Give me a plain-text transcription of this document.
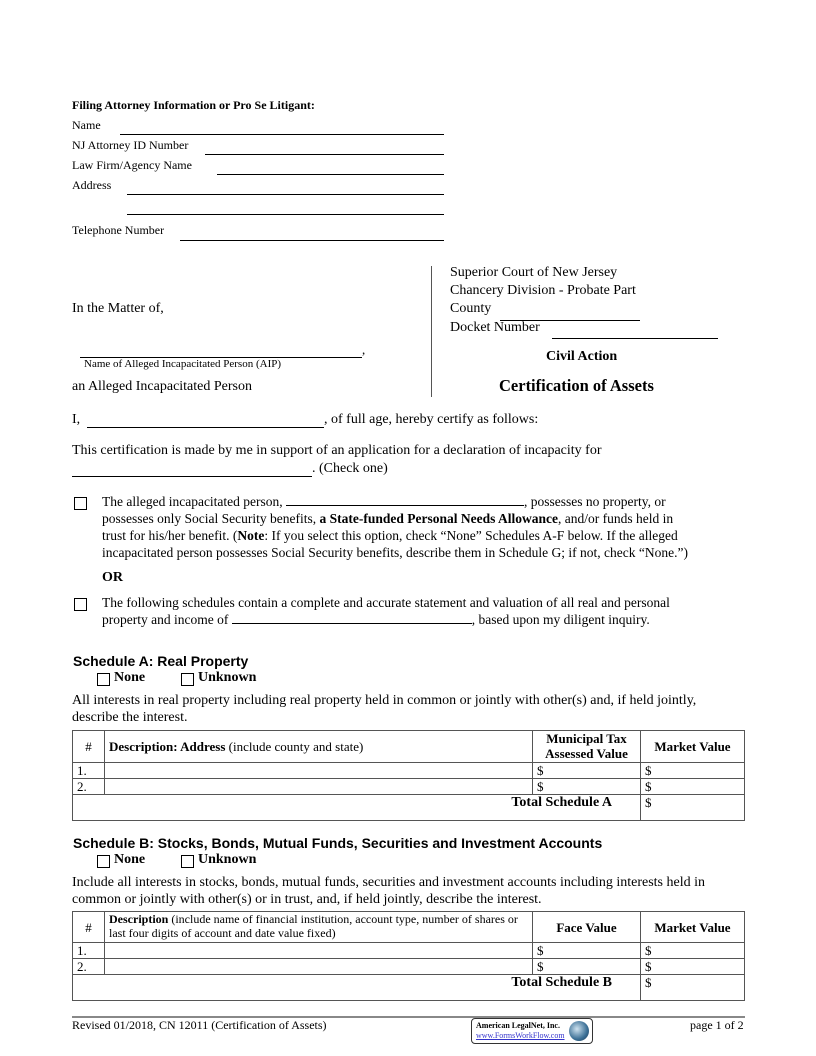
Filing Attorney Information or Pro Se Litigant:
Name
NJ Attorney ID Number
Law Firm/Agency Name
Address
Telephone Number
Superior Court of New Jersey
Chancery Division - Probate Part
County
Docket Number
Civil Action
Certification of Assets
In the Matter of,
,
Name of Alleged Incapacitated Person (AIP)
an Alleged Incapacitated Person
I,	, of full age, hereby certify as follows:
This certification is made by me in support of an application for a declaration of incapacity for
. (Check one)
The alleged incapacitated person,	, possesses no property, or
possesses only Social Security benefits, a State-funded Personal Needs Allowance, and/or funds held in
trust for his/her benefit. (Note: If you select this option, check “None” Schedules A-F below. If the alleged
incapacitated person possesses Social Security benefits, describe them in Schedule G; if not, check “None.”)
OR
The following schedules contain a complete and accurate statement and valuation of all real and personal
property and income of	, based upon my diligent inquiry.
Schedule A: Real Property
None	Unknown
All interests in real property including real property held in common or jointly with other(s) and, if held jointly,
describe the interest.
#	Description: Address (include county and state)	Municipal Tax Assessed Value	Market Value
1.		$	$
2.		$	$
Total Schedule A			$
Schedule B: Stocks, Bonds, Mutual Funds, Securities and Investment Accounts
None	Unknown
Include all interests in stocks, bonds, mutual funds, securities and investment accounts including interests held in
common or jointly with other(s) or in trust, and, if held jointly, describe the interest.
#	Description (include name of financial institution, account type, number of shares or last four digits of account and date value fixed)	Face Value	Market Value
1.		$	$
2.		$	$
Total Schedule B			$
Revised 01/2018, CN 12011 (Certification of Assets)	American LegalNet, Inc.
www.FormsWorkFlow.com
page 1 of 2
